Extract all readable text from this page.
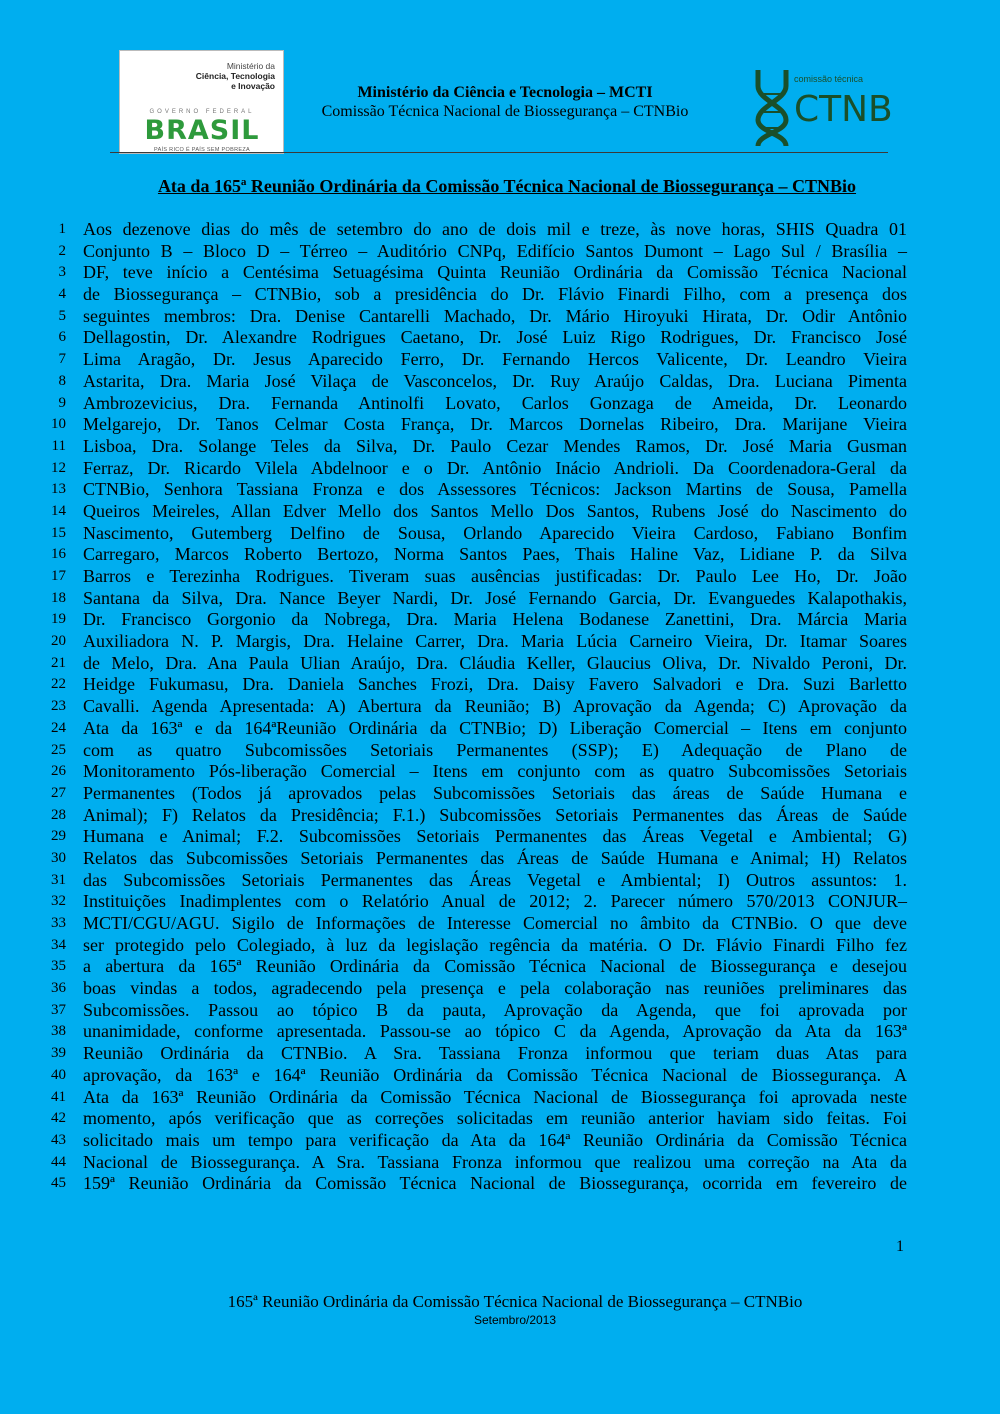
Ministério da
Ciência, Tecnologia
e Inovação
GOVERNO FEDERAL
BRASIL
PAÍS RICO É PAÍS SEM POBREZA
Ministério da Ciência e Tecnologia – MCTI
Comissão Técnica Nacional de Biossegurança – CTNBio
comissão técnica
CTNB
Ata da 165ª Reunião Ordinária da Comissão Técnica Nacional de Biossegurança – CTNBio
1 Aos dezenove dias do mês de setembro do ano de dois mil e treze, às nove horas, SHIS Quadra 01
2 Conjunto B – Bloco D – Térreo – Auditório CNPq, Edifício Santos Dumont – Lago Sul / Brasília –
3 DF, teve início a Centésima Setuagésima Quinta Reunião Ordinária da Comissão Técnica Nacional
4 de Biossegurança – CTNBio, sob a presidência do Dr. Flávio Finardi Filho, com a presença dos
5 seguintes membros: Dra. Denise Cantarelli Machado, Dr. Mário Hiroyuki Hirata, Dr. Odir Antônio
6 Dellagostin, Dr. Alexandre Rodrigues Caetano, Dr. José Luiz Rigo Rodrigues, Dr. Francisco José
7 Lima Aragão, Dr. Jesus Aparecido Ferro, Dr. Fernando Hercos Valicente, Dr. Leandro Vieira
8 Astarita, Dra. Maria José Vilaça de Vasconcelos, Dr. Ruy Araújo Caldas, Dra. Luciana Pimenta
9 Ambrozevicius, Dra. Fernanda Antinolfi Lovato, Carlos Gonzaga de Ameida, Dr. Leonardo
10 Melgarejo, Dr. Tanos Celmar Costa França, Dr. Marcos Dornelas Ribeiro, Dra. Marijane Vieira
11 Lisboa, Dra. Solange Teles da Silva, Dr. Paulo Cezar Mendes Ramos, Dr. José Maria Gusman
12 Ferraz, Dr. Ricardo Vilela Abdelnoor e o Dr. Antônio Inácio Andrioli. Da Coordenadora-Geral da
13 CTNBio, Senhora Tassiana Fronza e dos Assessores Técnicos: Jackson Martins de Sousa, Pamella
14 Queiros Meireles, Allan Edver Mello dos Santos Mello Dos Santos, Rubens José do Nascimento do
15 Nascimento, Gutemberg Delfino de Sousa, Orlando Aparecido Vieira Cardoso, Fabiano Bonfim
16 Carregaro, Marcos Roberto Bertozo, Norma Santos Paes, Thais Haline Vaz, Lidiane P. da Silva
17 Barros e Terezinha Rodrigues. Tiveram suas ausências justificadas: Dr. Paulo Lee Ho, Dr. João
18 Santana da Silva, Dra. Nance Beyer Nardi, Dr. José Fernando Garcia, Dr. Evanguedes Kalapothakis,
19 Dr. Francisco Gorgonio da Nobrega, Dra. Maria Helena Bodanese Zanettini, Dra. Márcia Maria
20 Auxiliadora N. P. Margis, Dra. Helaine Carrer, Dra. Maria Lúcia Carneiro Vieira, Dr. Itamar Soares
21 de Melo, Dra. Ana Paula Ulian Araújo, Dra. Cláudia Keller, Glaucius Oliva, Dr. Nivaldo Peroni, Dr.
22 Heidge Fukumasu, Dra. Daniela Sanches Frozi, Dra. Daisy Favero Salvadori e Dra. Suzi Barletto
23 Cavalli. Agenda Apresentada: A) Abertura da Reunião; B) Aprovação da Agenda; C) Aprovação da
24 Ata da 163ª e da 164ªReunião Ordinária da CTNBio; D) Liberação Comercial – Itens em conjunto
25 com as quatro Subcomissões Setoriais Permanentes (SSP); E) Adequação de Plano de
26 Monitoramento Pós-liberação Comercial – Itens em conjunto com as quatro Subcomissões Setoriais
27 Permanentes (Todos já aprovados pelas Subcomissões Setoriais das áreas de Saúde Humana e
28 Animal); F) Relatos da Presidência; F.1.) Subcomissões Setoriais Permanentes das Áreas de Saúde
29 Humana e Animal; F.2. Subcomissões Setoriais Permanentes das Áreas Vegetal e Ambiental; G)
30 Relatos das Subcomissões Setoriais Permanentes das Áreas de Saúde Humana e Animal; H) Relatos
31 das Subcomissões Setoriais Permanentes das Áreas Vegetal e Ambiental; I) Outros assuntos: 1.
32 Instituições Inadimplentes com o Relatório Anual de 2012; 2. Parecer número 570/2013 CONJUR–
33 MCTI/CGU/AGU. Sigilo de Informações de Interesse Comercial no âmbito da CTNBio. O que deve
34 ser protegido pelo Colegiado, à luz da legislação regência da matéria. O Dr. Flávio Finardi Filho fez
35 a abertura da 165ª Reunião Ordinária da Comissão Técnica Nacional de Biossegurança e desejou
36 boas vindas a todos, agradecendo pela presença e pela colaboração nas reuniões preliminares das
37 Subcomissões. Passou ao tópico B da pauta, Aprovação da Agenda, que foi aprovada por
38 unanimidade, conforme apresentada. Passou-se ao tópico C da Agenda, Aprovação da Ata da 163ª
39 Reunião Ordinária da CTNBio. A Sra. Tassiana Fronza informou que teriam duas Atas para
40 aprovação, da 163ª e 164ª Reunião Ordinária da Comissão Técnica Nacional de Biossegurança. A
41 Ata da 163ª Reunião Ordinária da Comissão Técnica Nacional de Biossegurança foi aprovada neste
42 momento, após verificação que as correções solicitadas em reunião anterior haviam sido feitas. Foi
43 solicitado mais um tempo para verificação da Ata da 164ª Reunião Ordinária da Comissão Técnica
44 Nacional de Biossegurança. A Sra. Tassiana Fronza informou que realizou uma correção na Ata da
45 159ª Reunião Ordinária da Comissão Técnica Nacional de Biossegurança, ocorrida em fevereiro de
1
165ª Reunião Ordinária da Comissão Técnica Nacional de Biossegurança – CTNBio
Setembro/2013
